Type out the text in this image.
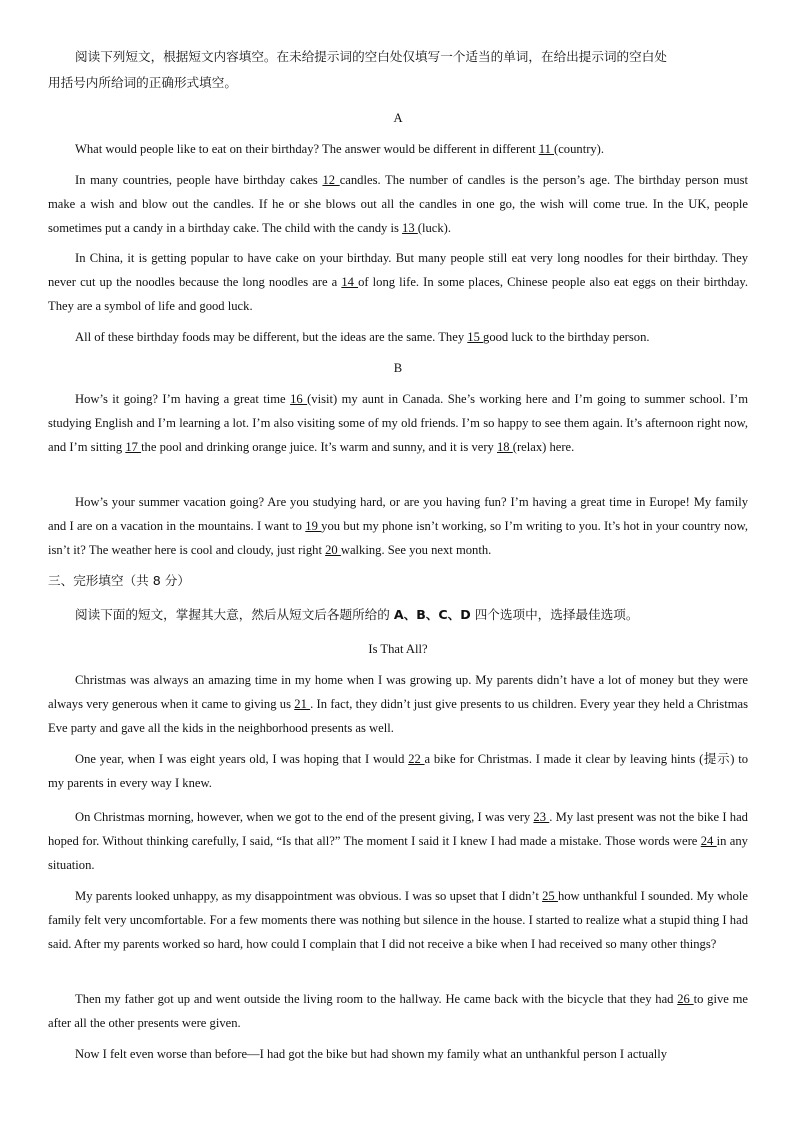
阅读下列短文，根据短文内容填空。在未给提示词的空白处仅填写一个适当的单词，在给出提示词的空白处

用括号内所给词的正确形式填空。

A

What would people like to eat on their birthday? The answer would be different in different 11 (country).

In many countries, people have birthday cakes 12 candles. The number of candles is the person’s age. The birthday person must make a wish and blow out the candles. If he or she blows out all the candles in one go, the wish will come true. In the UK, people sometimes put a candy in a birthday cake. The child with the candy is 13 (luck).

In China, it is getting popular to have cake on your birthday. But many people still eat very long noodles for their birthday. They never cut up the noodles because the long noodles are a 14 of long life. In some places, Chinese people also eat eggs on their birthday. They are a symbol of life and good luck.

All of these birthday foods may be different, but the ideas are the same. They 15 good luck to the birthday person.

B

How’s it going? I’m having a great time 16 (visit) my aunt in Canada. She’s working here and I’m going to summer school. I’m studying English and I’m learning a lot. I’m also visiting some of my old friends. I’m so happy to see them again. It’s afternoon right now, and I’m sitting 17 the pool and drinking orange juice. It’s warm and sunny, and it is very 18 (relax) here.

How’s your summer vacation going? Are you studying hard, or are you having fun? I’m having a great time in Europe! My family and I are on a vacation in the mountains. I want to 19 you but my phone isn’t working, so I’m writing to you. It’s hot in your country now, isn’t it? The weather here is cool and cloudy, just right 20 walking. See you next month.

三、完形填空（共 8 分）

阅读下面的短文，掌握其大意，然后从短文后各题所给的 A、B、C、D 四个选项中，选择最佳选项。

Is That All?

Christmas was always an amazing time in my home when I was growing up. My parents didn’t have a lot of money but they were always very generous when it came to giving us 21 . In fact, they didn’t just give presents to us children. Every year they held a Christmas Eve party and gave all the kids in the neighborhood presents as well.

One year, when I was eight years old, I was hoping that I would 22 a bike for Christmas. I made it clear by leaving hints (提示) to my parents in every way I knew.

On Christmas morning, however, when we got to the end of the present giving, I was very 23 . My last present was not the bike I had hoped for. Without thinking carefully, I said, “Is that all?” The moment I said it I knew I had made a mistake. Those words were 24 in any situation.

My parents looked unhappy, as my disappointment was obvious. I was so upset that I didn’t 25 how unthankful I sounded. My whole family felt very uncomfortable. For a few moments there was nothing but silence in the house. I started to realize what a stupid thing I had said. After my parents worked so hard, how could I complain that I did not receive a bike when I had received so many other things?

Then my father got up and went outside the living room to the hallway. He came back with the bicycle that they had 26 to give me after all the other presents were given.

Now I felt even worse than before—I had got the bike but had shown my family what an unthankful person I actually
